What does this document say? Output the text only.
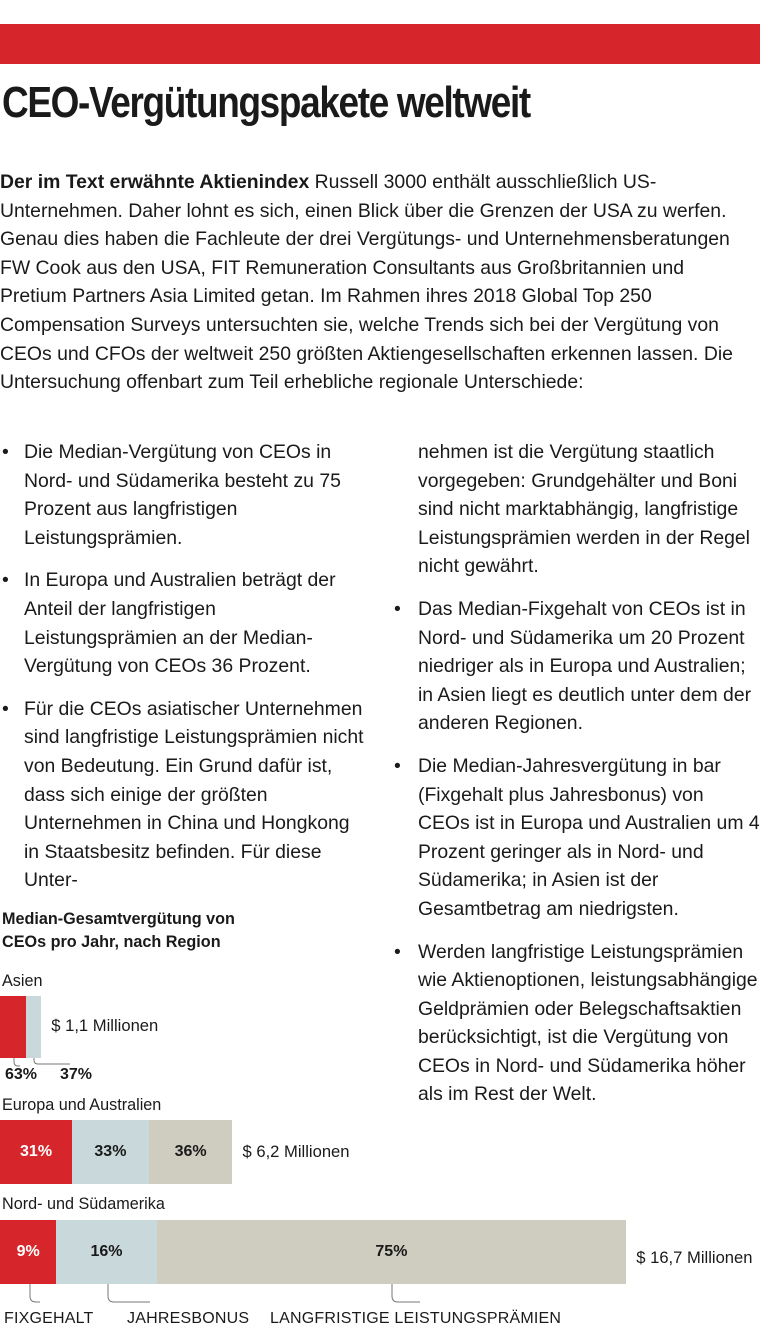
CEO-Vergütungspakete weltweit

Der im Text erwähnte Aktienindex Russell 3000 enthält ausschließlich US-Unternehmen. Daher lohnt es sich, einen Blick über die Grenzen der USA zu werfen. Genau dies haben die Fachleute der drei Vergütungs- und Unternehmensberatungen FW Cook aus den USA, FIT Remuneration Consultants aus Großbritannien und Pretium Partners Asia Limited getan. Im Rahmen ihres 2018 Global Top 250 Compensation Surveys untersuchten sie, welche Trends sich bei der Vergütung von CEOs und CFOs der weltweit 250 größten Aktiengesellschaften erkennen lassen. Die Untersuchung offenbart zum Teil erhebliche regionale Unterschiede:

• Die Median-Vergütung von CEOs in Nord- und Südamerika besteht zu 75 Prozent aus langfristigen Leistungsprämien.
• In Europa und Australien beträgt der Anteil der langfristigen Leistungsprämien an der Median-Vergütung von CEOs 36 Prozent.
• Für die CEOs asiatischer Unternehmen sind langfristige Leistungsprämien nicht von Bedeutung. Ein Grund dafür ist, dass sich einige der größten Unternehmen in China und Hongkong in Staatsbesitz befinden. Für diese Unter-
nehmen ist die Vergütung staatlich vorgegeben: Grundgehälter und Boni sind nicht marktabhängig, langfristige Leistungsprämien werden in der Regel nicht gewährt.
• Das Median-Fixgehalt von CEOs ist in Nord- und Südamerika um 20 Prozent niedriger als in Europa und Australien; in Asien liegt es deutlich unter dem der anderen Regionen.
• Die Median-Jahresvergütung in bar (Fixgehalt plus Jahresbonus) von CEOs ist in Europa und Australien um 4 Prozent geringer als in Nord- und Südamerika; in Asien ist der Gesamtbetrag am niedrigsten.
• Werden langfristige Leistungsprämien wie Aktienoptionen, leistungsabhängige Geldprämien oder Belegschaftsaktien berücksichtigt, ist die Vergütung von CEOs in Nord- und Südamerika höher als im Rest der Welt.
Median-Gesamtvergütung von CEOs pro Jahr, nach Region
Asien
$ 1,1 Millionen
63% 37%
Europa und Australien
31%	33%	36%	$ 6,2 Millionen
Nord- und Südamerika
9%	16%	75%	$ 16,7 Millionen
FIXGEHALT JAHRESBONUS LANGFRISTIGE LEISTUNGSPRÄMIEN
